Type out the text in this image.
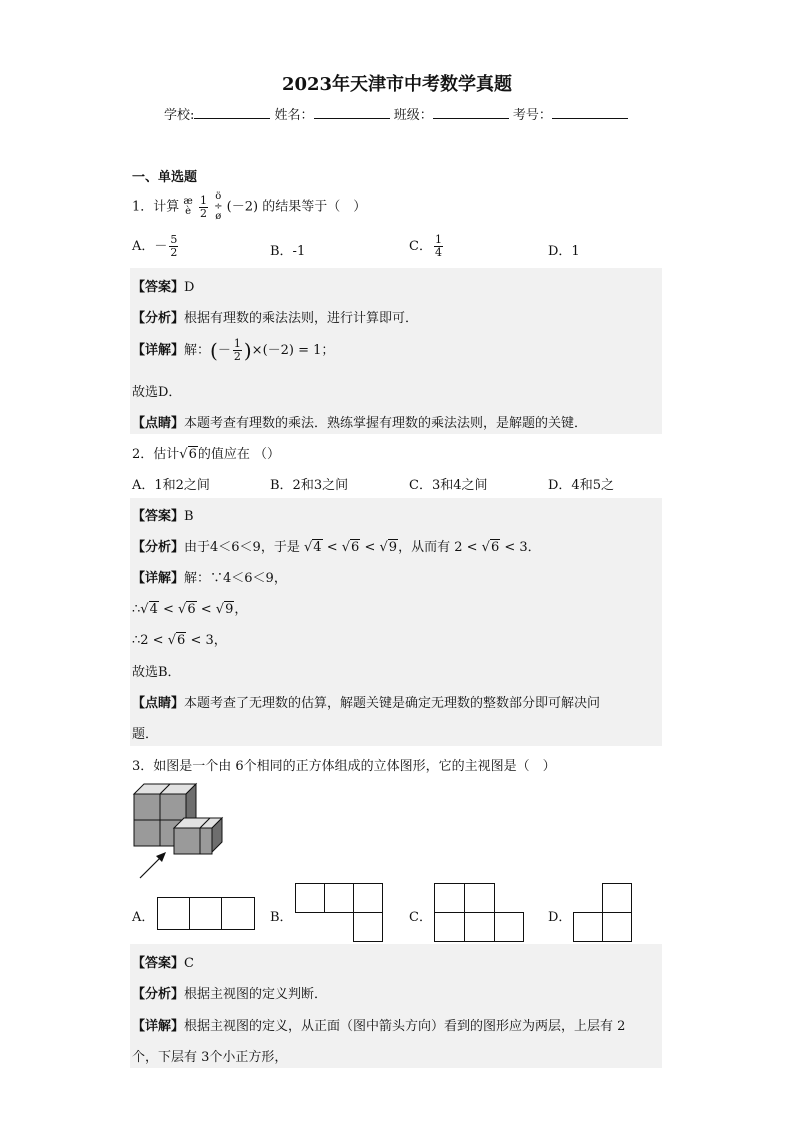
2023年天津市中考数学真题
学校:	姓名：	班级：	考号：
一、单选题
1．计算 æ
è
$\frac{1}{2}$
ö
÷
ø
(－2) 的结果等于（　）
A．－ $\frac{5}{2}$	B．-1	C． $\frac{1}{4}$	D．1
【答案】D
【分析】根据有理数的乘法法则，进行计算即可．
【详解】解：(－ $\frac{1}{2} )\times(-2) = 1$；
故选D．
【点睛】本题考查有理数的乘法．熟练掌握有理数的乘法法则，是解题的关键．
2．估计√6的值应在 （）
A．1和2之间	B．2和3之间	C．3和4之间	D．4和5之
【答案】B
【分析】由于4＜6＜9，于是 √4 < √6 < √9，从而有 2 < √6 < 3．
【详解】解：∵4＜6＜9，
∴√4 < √6 < √9，
∴2 < √6 < 3，
故选B．
【点睛】本题考查了无理数的估算，解题关键是确定无理数的整数部分即可解决问
题．
3．如图是一个由 6个相同的正方体组成的立体图形，它的主视图是（　）
A．	B．	C．	D．
【答案】C
【分析】根据主视图的定义判断．
【详解】根据主视图的定义，从正面（图中箭头方向）看到的图形应为两层，上层有 2
个，下层有 3个小正方形，
